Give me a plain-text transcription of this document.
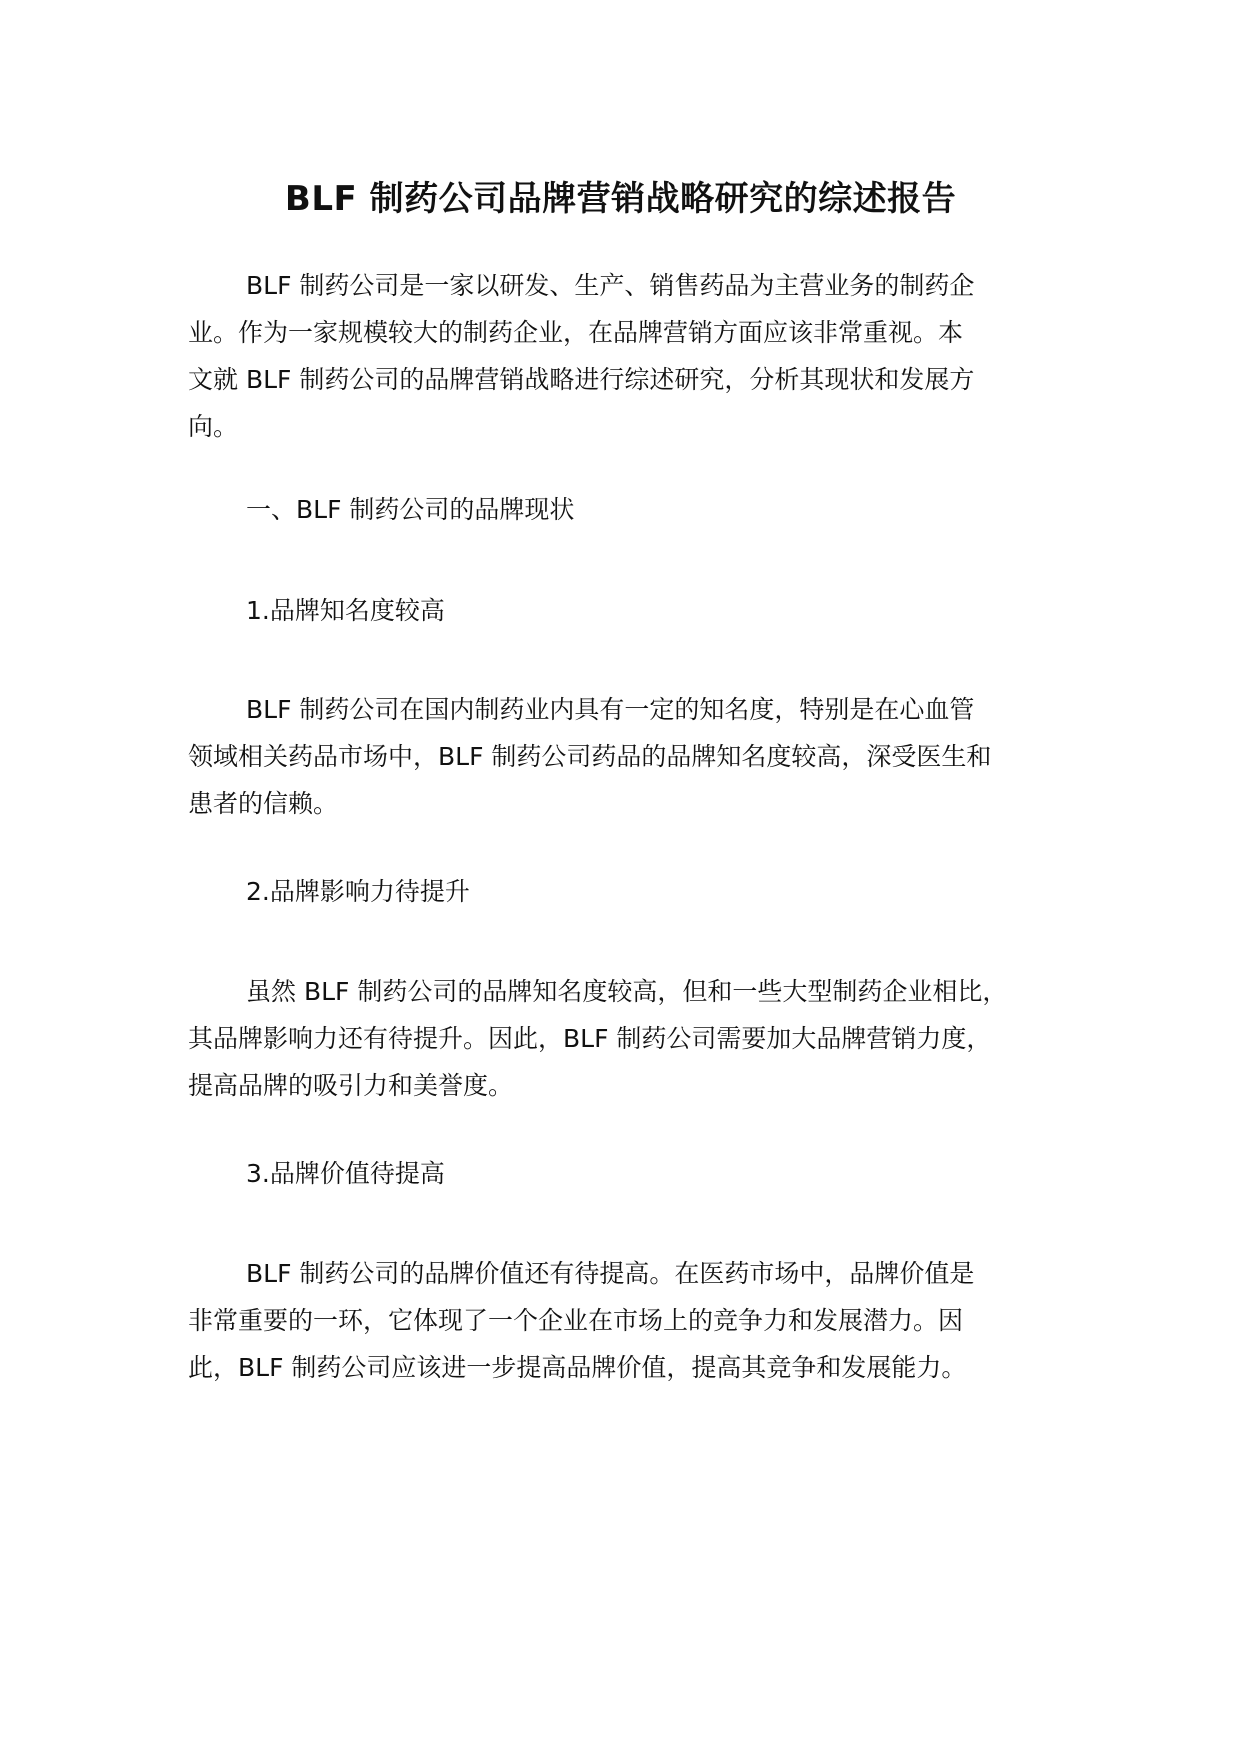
BLF 制药公司品牌营销战略研究的综述报告
BLF 制药公司是一家以研发、生产、销售药品为主营业务的制药企
业。作为一家规模较大的制药企业，在品牌营销方面应该非常重视。本
文就 BLF 制药公司的品牌营销战略进行综述研究，分析其现状和发展方
向。
一、BLF 制药公司的品牌现状
1.品牌知名度较高
BLF 制药公司在国内制药业内具有一定的知名度，特别是在心血管
领域相关药品市场中，BLF 制药公司药品的品牌知名度较高，深受医生和
患者的信赖。
2.品牌影响力待提升
虽然 BLF 制药公司的品牌知名度较高，但和一些大型制药企业相比，
其品牌影响力还有待提升。因此，BLF 制药公司需要加大品牌营销力度，
提高品牌的吸引力和美誉度。
3.品牌价值待提高
BLF 制药公司的品牌价值还有待提高。在医药市场中，品牌价值是
非常重要的一环，它体现了一个企业在市场上的竞争力和发展潜力。因
此，BLF 制药公司应该进一步提高品牌价值，提高其竞争和发展能力。
